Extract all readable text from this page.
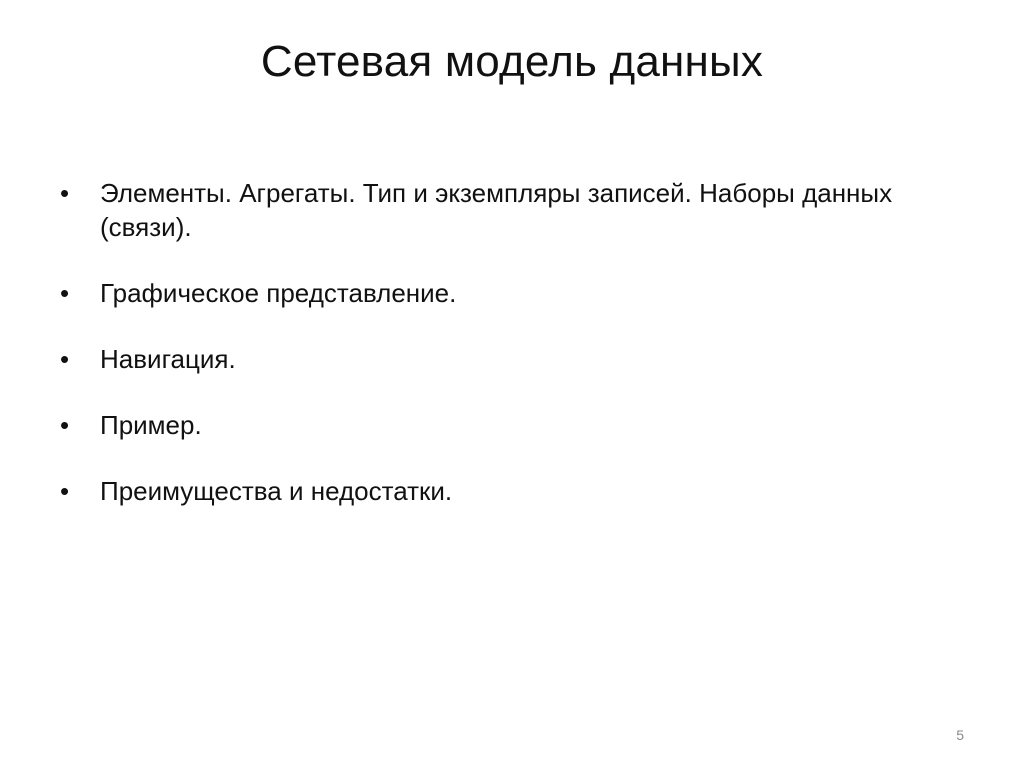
Сетевая модель данных
•	Элементы. Агрегаты. Тип и экземпляры записей. Наборы данных (связи).
•	Графическое представление.
•	Навигация.
•	Пример.
•	Преимущества и недостатки.
5
